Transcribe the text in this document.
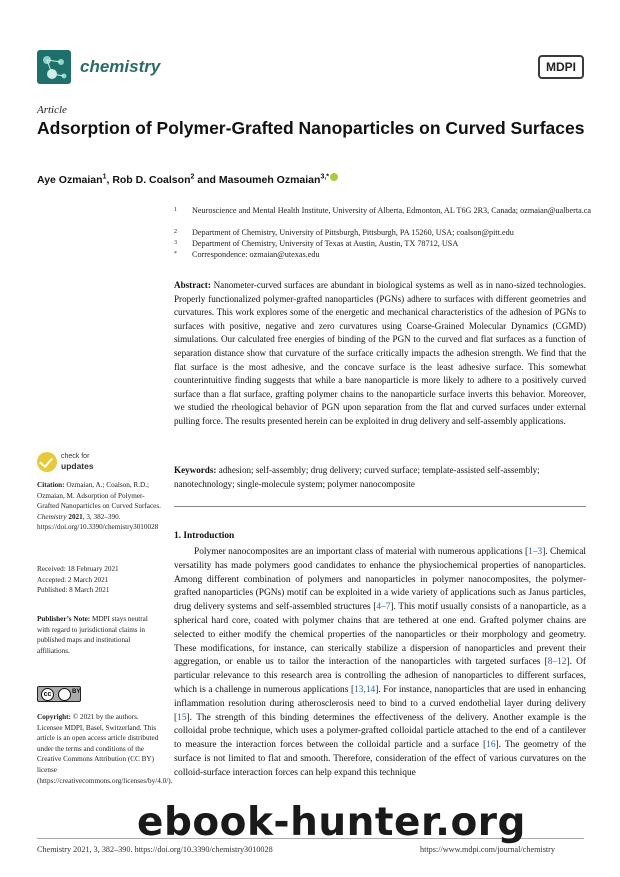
chemistry	MDPI
Article
Adsorption of Polymer-Grafted Nanoparticles on Curved Surfaces
Aye Ozmaian$^1$, Rob D. Coalson$^2$ and Masoumeh Ozmaian$^{3,*}$
1	Neuroscience and Mental Health Institute, University of Alberta, Edmonton, AL T6G 2R3, Canada; ozmaian@ualberta.ca
2	Department of Chemistry, University of Pittsburgh, Pittsburgh, PA 15260, USA; coalson@pitt.edu
3	Department of Chemistry, University of Texas at Austin, Austin, TX 78712, USA
*	Correspondence: ozmaian@utexas.edu
Abstract: Nanometer-curved surfaces are abundant in biological systems as well as in nano-sized technologies. Properly functionalized polymer-grafted nanoparticles (PGNs) adhere to surfaces with different geometries and curvatures. This work explores some of the energetic and mechanical characteristics of the adhesion of PGNs to surfaces with positive, negative and zero curvatures using Coarse-Grained Molecular Dynamics (CGMD) simulations. Our calculated free energies of binding of the PGN to the curved and flat surfaces as a function of separation distance show that curvature of the surface critically impacts the adhesion strength. We find that the flat surface is the most adhesive, and the concave surface is the least adhesive surface. This somewhat counterintuitive finding suggests that while a bare nanoparticle is more likely to adhere to a positively curved surface than a flat surface, grafting polymer chains to the nanoparticle surface inverts this behavior. Moreover, we studied the rheological behavior of PGN upon separation from the flat and curved surfaces under external pulling force. The results presented herein can be exploited in drug delivery and self-assembly applications.
Keywords: adhesion; self-assembly; drug delivery; curved surface; template-assisted self-assembly; nanotechnology; single-molecule system; polymer nanocomposite
1. Introduction
Polymer nanocomposites are an important class of material with numerous applications [1–3]. Chemical versatility has made polymers good candidates to enhance the physiochemical properties of nanoparticles. Among different combination of polymers and nanoparticles in polymer nanocomposites, the polymer-grafted nanoparticles (PGNs) motif can be exploited in a wide variety of applications such as Janus particles, drug delivery systems and self-assembled structures [4–7]. This motif usually consists of a nanoparticle, as a spherical hard core, coated with polymer chains that are tethered at one end. Grafted polymer chains are selected to either modify the chemical properties of the nanoparticles or their morphology and geometry. These modifications, for instance, can sterically stabilize a dispersion of nanoparticles and prevent their aggregation, or enable us to tailor the interaction of the nanoparticles with targeted surfaces [8–12]. Of particular relevance to this research area is controlling the adhesion of nanoparticles to different surfaces, which is a challenge in numerous applications [13,14]. For instance, nanoparticles that are used in enhancing inflammation resolution during atherosclerosis need to bind to a curved endothelial layer during delivery [15]. The strength of this binding determines the effectiveness of the delivery. Another example is the colloidal probe technique, which uses a polymer-grafted colloidal particle attached to the end of a cantilever to measure the interaction forces between the colloidal particle and a surface [16]. The geometry of the surface is not limited to flat and smooth. Therefore, consideration of the effect of various curvatures on the colloid-surface interaction forces can help expand this technique
check for
updates
Citation: Ozmaian, A.; Coalson, R.D.; Ozmaian, M. Adsorption of Polymer-Grafted Nanoparticles on Curved Surfaces. Chemistry 2021, 3, 382–390. https://doi.org/10.3390/chemistry3010028
Received: 18 February 2021
Accepted: 2 March 2021
Published: 8 March 2021
Publisher’s Note: MDPI stays neutral with regard to jurisdictional claims in published maps and institutional affiliations.
cc	BY
Copyright: © 2021 by the authors. Licensee MDPI, Basel, Switzerland. This article is an open access article distributed under the terms and conditions of the Creative Commons Attribution (CC BY) license (https://creativecommons.org/licenses/by/4.0/).
Chemistry 2021, 3, 382–390. https://doi.org/10.3390/chemistry3010028	https://www.mdpi.com/journal/chemistry
ebook-hunter.org
